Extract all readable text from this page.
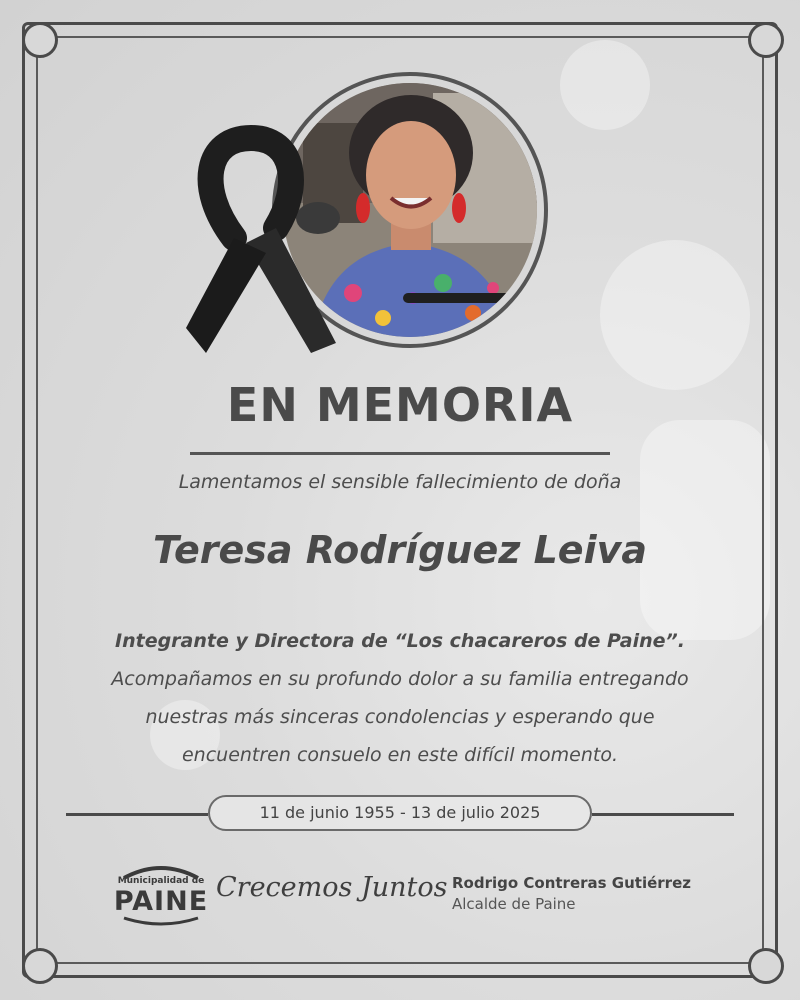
EN MEMORIA
Lamentamos el sensible fallecimiento de doña
Teresa Rodríguez Leiva
Integrante y Directora de “Los chacareros de Paine”.
Acompañamos en su profundo dolor a su familia entregando
nuestras más sinceras condolencias y esperando que
encuentren consuelo en este difícil momento.
11 de junio 1955 - 13 de julio 2025
Municipalidad de
PAINE Crecemos Juntos Rodrigo Contreras Gutiérrez
Alcalde de Paine
